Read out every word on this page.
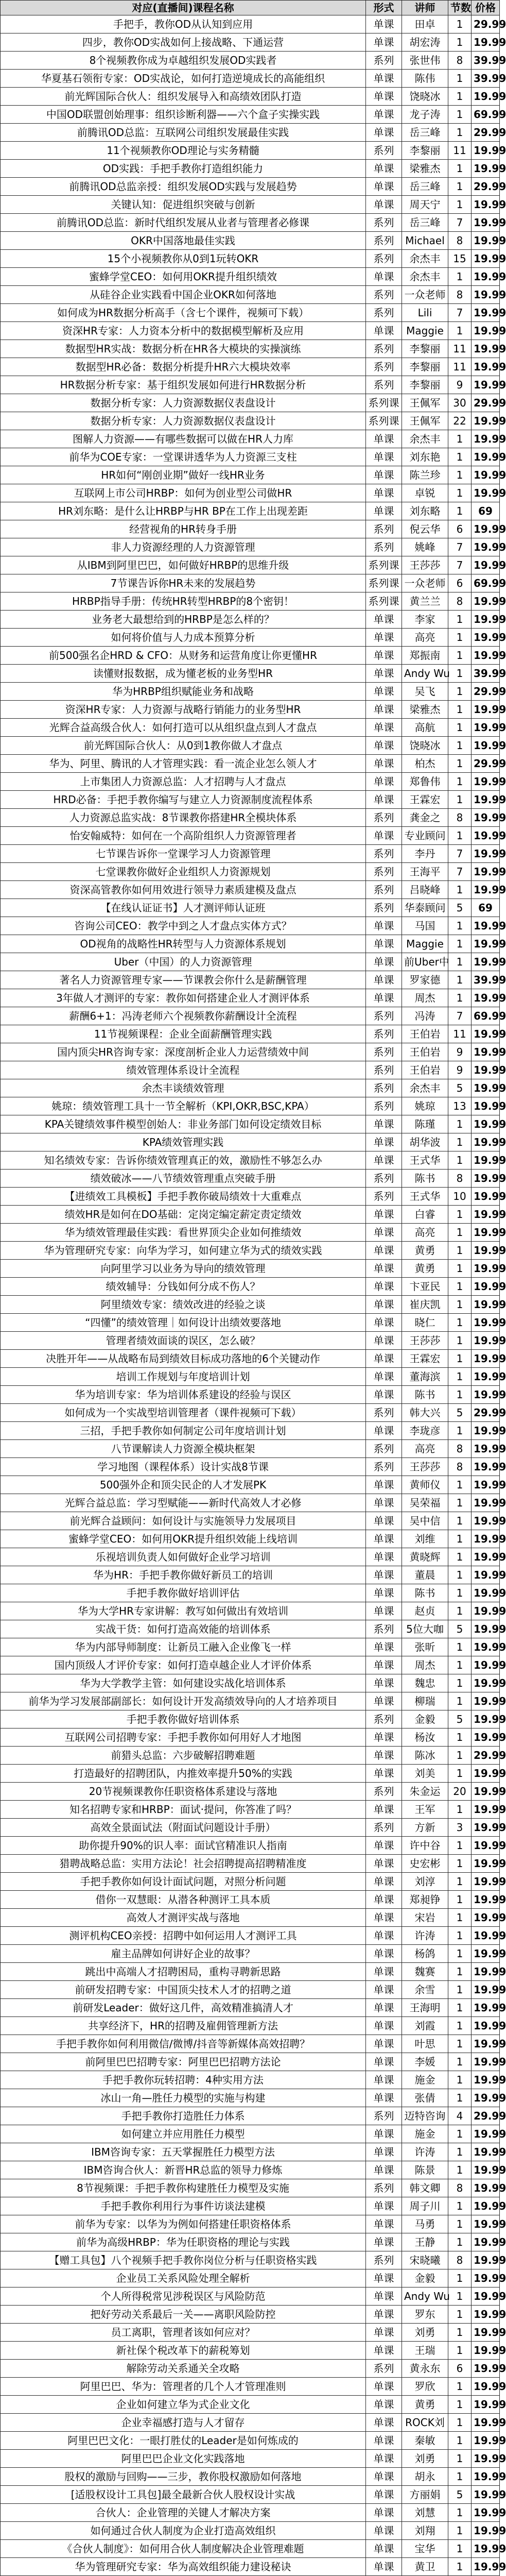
对应(直播间)课程名称	形式	讲师	节数	价格
手把手，教你OD从认知到应用	单课	田卓	1	29.99
四步，教你OD实战如何上接战略、下通运营	单课	胡宏涛	1	19.99
8个视频教你成为卓越组织发展OD实践者	系列	张世伟	8	39.99
华夏基石领衔专家：OD实战论，如何打造逆境成长的高能组织	单课	陈伟	1	39.99
前光辉国际合伙人：组织发展导入和高绩效团队打造	单课	饶晓冰	1	19.99
中国OD联盟创始理事：组织诊断利器——六个盒子实操实践	单课	龙子涛	1	69.99
前腾讯OD总监：互联网公司组织发展最佳实践	单课	岳三峰	1	29.99
11个视频教你OD理论与实务精髓	系列	李黎丽	11	19.99
OD实践：手把手教你打造组织能力	单课	梁雅杰	1	19.99
前腾讯OD总监亲授：组织发展OD实践与发展趋势	单课	岳三峰	1	29.99
关键认知：促进组织突破与创新	单课	周天宁	1	19.99
前腾讯OD总监：新时代组织发展从业者与管理者必修课	系列	岳三峰	7	19.99
OKR中国落地最佳实践	系列	Michael	8	19.99
15个小视频教你从0到1玩转OKR	系列	余杰丰	15	19.99
蜜蜂学堂CEO：如何用OKR提升组织绩效	单课	余杰丰	1	19.99
从硅谷企业实践看中国企业OKR如何落地	系列	一众老师	8	19.99
如何成为HR数据分析高手（含七个课件，视频可下载）	系列	Lili	7	19.99
资深HR专家：人力资本分析中的数据模型解析及应用	单课	Maggie	1	19.99
数据型HR实战：数据分析在HR各大模块的实操演练	系列	李黎丽	11	19.99
数据型HR必备：数据分析提升HR六大模块效率	系列	李黎丽	11	19.99
HR数据分析专家：基于组织发展如何进行HR数据分析	系列	李黎丽	9	19.99
数据分析专家：人力资源数据仪表盘设计	系列课	王佩军	30	29.99
数据分析专家：人力资源数据仪表盘设计	系列课	王佩军	22	19.99
图解人力资源——有哪些数据可以做在HR人力库	单课	余杰丰	1	19.99
前华为COE专家：一堂课讲透华为人力资源三支柱	单课	刘东艳	1	19.99
HR如何“刚创业期”做好一线HR业务	单课	陈兰珍	1	19.99
互联网上市公司HRBP：如何为创业型公司做HR	单课	卓锐	1	19.99
HR刘东略：是什么让HRBP与HR BP在工作上出现差距	单课	刘东略	1	69
经营视角的HR转身手册	系列	倪云华	6	19.99
非人力资源经理的人力资源管理	系列	姚峰	7	19.99
从IBM到阿里巴巴，如何做好HRBP的思维升级	系列课	王莎莎	7	19.99
7节课告诉你HR未来的发展趋势	系列课	一众老师	6	69.99
HRBP指导手册：传统HR转型HRBP的8个密钥！	系列课	黄兰兰	8	19.99
业务老大最想给到的HRBP是怎么样的？	单课	李家	1	19.99
如何将价值与人力成本预算分析	单课	高亮	1	19.99
前500强名企HRD & CFO：从财务和运营角度让你更懂HR	单课	郑振南	1	19.99
读懂财报数据，成为懂老板的业务型HR	单课	Andy Wu	1	39.99
华为HRBP组织赋能业务和战略	单课	吴飞	1	29.99
资深HR专家：人力资源与战略行销能力的业务型HR	单课	梁雅杰	1	19.99
光辉合益高级合伙人：如何打造可以从组织盘点到人才盘点	单课	高航	1	19.99
前光辉国际合伙人：从0到1教你做人才盘点	单课	饶晓冰	1	19.99
华为、阿里、腾讯的人才管理实践：看一流企业怎么领人才	单课	柏杰	1	29.99
上市集团人力资源总监：人才招聘与人才盘点	单课	郑鲁伟	1	19.99
HRD必备：手把手教你编写与建立人力资源制度流程体系	单课	王霖宏	1	19.99
人力资源总监实战：8节课教你搭建HR全模块体系	系列	龚金之	8	19.99
怡安翰威特：如何在一个高阶组织人力资源管理者	单课	专业顾问	1	19.99
七节课告诉你一堂课学习人力资源管理	系列	李丹	7	19.99
七堂课教你做好企业组织人力资源规划	系列	王海平	7	19.99
资深高管教你如何用效进行领导力素质建模及盘点	系列	吕晓峰	1	19.99
【在线认证证书】人才测评师认证班	系列	华泰顾问	5	69
咨询公司CEO：教学中到之人才盘点实体方式？	单课	马国	1	19.99
OD视角的战略性HR转型与人力资源体系规划	单课	Maggie	1	19.99
Uber（中国）的人力资源管理	单课	前Uber中	1	19.99
著名人力资源管理专家——节课教会你什么是薪酬管理	单课	罗家德	1	39.99
3年做人才测评的专家：教你如何搭建企业人才测评体系	单课	周杰	1	19.99
薪酬6+1：冯涛老师六个视频教你薪酬设计全流程	系列	冯涛	7	69.99
11节视频课程：企业全面薪酬管理实践	系列	王伯岩	11	19.99
国内顶尖HR咨询专家：深度剖析企业人力运营绩效中间	系列	王伯岩	9	19.99
绩效管理体系设计全流程	系列	王伯岩	9	19.99
余杰丰谈绩效管理	系列	余杰丰	5	19.99
姚琼：绩效管理工具十一节全解析（KPI,OKR,BSC,KPA）	系列	姚琼	13	19.99
KPA关键绩效事件模型创始人：非业务部门如何设定绩效目标	单课	陈瑾	1	19.99
KPA绩效管理实践	单课	胡华波	1	19.99
知名绩效专家：告诉你绩效管理真正的效，激励性不够怎么办	单课	王式华	1	19.99
绩效破冰——八节绩效管理重点突破手册	系列	陈书	8	19.99
【进绩效工具模板】手把手教你破局绩效十大重难点	系列	王式华	10	19.99
绩效HR是如何在DO基础：定岗定编定薪定责定绩效	单课	白睿	1	19.99
华为绩效管理最佳实践：看世界顶尖企业如何推绩效	单课	高亮	1	19.99
华为管理研究专家：向华为学习，如何建立华为式的绩效实践	单课	黄勇	1	19.99
向阿里学习以业务为导向的绩效管理	单课	黄勇	1	19.99
绩效辅导：分钱如何分成不伤人？	单课	卞亚民	1	19.99
阿里绩效专家：绩效改进的经验之谈	单课	崔庆凯	1	19.99
“四懂”的绩效管理｜如何设计出绩效要落地	单课	晓仁	1	19.99
管理者绩效面谈的误区，怎么破？	单课	王莎莎	1	19.99
决胜开年——从战略布局到绩效目标成功落地的6个关键动作	单课	王霖宏	1	19.99
培训工作规划与年度培训计划	单课	董海滨	1	19.99
华为培训专家：华为培训体系建设的经验与误区	单课	陈书	1	19.99
如何成为一个实战型培训管理者（课件视频可下载）	系列	韩大兴	5	29.99
三招，手把手教你如何制定公司年度培训计划	单课	李珑彦	1	19.99
八节课解读人力资源全模块框架	系列	高亮	8	19.99
学习地图（课程体系）设计实战8节课	系列	王莎莎	8	19.99
500强外企和顶尖民企的人才发展PK	单课	黄师仪	1	19.99
光辉合益总监：学习型赋能——新时代高效人才必修	单课	吴荣福	1	19.99
前光辉合益顾问：如何设计与实施领导力发展项目	单课	吴中信	1	19.99
蜜蜂学堂CEO：如何用OKR提升组织效能上线培训	单课	刘维	1	19.99
乐视培训负责人如何做好企业学习培训	单课	黄晓辉	1	19.99
华为HR：手把手教你做好新员工的培训	单课	董晨	1	19.99
手把手教你做好培训评估	单课	陈书	1	19.99
华为大学HR专家讲解：教写如何做出有效培训	单课	赵贞	1	19.99
实战干货：如何打造高效能的培训体系	系列	5位大咖	5	19.99
华为内部导师制度：让新员工融入企业像飞一样	单课	张昕	1	19.99
国内顶级人才评价专家：如何打造卓越企业人才评价体系	单课	周杰	1	19.99
华为大学教学主管：如何建设实战化培训体系	单课	魏忠	1	19.99
前华为学习发展部副部长：如何设计开发高绩效导向的人才培养项目	单课	柳瑞	1	19.99
手把手教你做好培训体系	系列	金毅	5	19.99
互联网公司招聘专家：手把手教你如何用好人才地图	单课	杨汝	1	19.99
前猎头总监：六步破解招聘难题	单课	陈冰	1	29.99
打造最好的招聘团队，内推效率提升50%的实践	单课	刘美	1	19.99
20节视频课教你任职资格体系建设与落地	系列	朱金运	20	19.99
知名招聘专家和HRBP：面试·提问，你答准了吗？	单课	王军	1	19.99
高效全景面试法（附面试问题设计手册）	系列	方新	3	19.99
助你提升90%的识人率：面试官精准识人指南	单课	许中谷	1	19.99
猎聘战略总监：实用方法论！社会招聘提高招聘精准度	单课	史宏彬	1	19.99
手把手教你如何设计面试问题，对照分析问题	单课	刘淳	1	19.99
借你一双慧眼：从潜各种测评工具本质	单课	郑昶铮	1	19.99
高效人才测评实战与落地	单课	宋岩	1	19.99
测评机构CEO亲授：招聘中如何运用人才测评工具	单课	许涛	1	19.99
雇主品牌如何讲好企业的故事？	单课	杨鸽	1	19.99
跳出中高端人才招聘困局，重构寻聘新思路	单课	魏赛	1	19.99
前研发招聘专家：中国顶尖技术人才的招聘之道	单课	余雪	1	19.99
前研发Leader：做好这几件，高效精准搞清人才	单课	王海明	1	19.99
共享经济下，HR的招聘及雇佣管理新方法	单课	刘霞	1	19.99
手把手教你如何利用微信/微博/抖音等新媒体高效招聘？	单课	叶思	1	19.99
前阿里巴巴招聘专家：阿里巴巴招聘方法论	单课	李媛	1	19.99
手把手教你玩转招聘：4种实用方法	单课	施金	1	19.99
冰山一角—胜任力模型的实施与构建	单课	张倩	1	19.99
手把手教你打造胜任力体系	系列	迈特咨询	4	29.99
如何建立并应用胜任力模型	单课	施金	1	19.99
IBM咨询专家：五天掌握胜任力模型方法	单课	许涛	1	19.99
IBM咨询合伙人：新晋HR总监的领导力修炼	单课	陈景	1	19.99
8节视频课：手把手教你构建胜任力模型及实施	系列	韩文卿	8	19.99
手把手教你利用行为事件访谈法建模	单课	周子川	1	19.99
前华为专家：以华为为例如何搭建任职资格体系	单课	马勇	1	19.99
前华为高级HRBP：华为任职资格的理论与实践	单课	王静	1	19.99
【赠工具包】八个视频手把手教你岗位分析与任职资格实践	系列	宋晓曦	8	19.99
企业员工关系风险处理全解析	单课	金毅	1	19.99
个人所得税常见涉税误区与风险防范	单课	Andy Wu	1	19.99
把好劳动关系最后一关——离职风险防控	单课	罗东	1	19.99
员工离职，管理者该如何应对？	单课	刘勇	1	19.99
新社保个税改革下的薪税筹划	单课	王瑞	1	19.99
解除劳动关系通关全攻略	系列	黄永东	6	19.99
阿里巴巴、华为：管理者的几个人才管理准则	单课	罗欣	1	19.99
企业如何建立华为式企业文化	单课	黄勇	1	19.99
企业幸福感打造与人才留存	单课	ROCK刘	1	19.99
阿里巴巴文化：一眼打胜仗的Leader是如何炼成的	单课	秦敏	1	19.99
阿里巴巴企业文化实践落地	单课	刘勇	1	19.99
股权的激励与回购——三步，教你股权激励如何落地	单课	胡永	1	19.99
[适股权设计工具包]最全最新合伙人股权设计实战	单课	方丽娟	5	19.99
合伙人：企业管理的关键人才解决方案	单课	刘慧	1	19.99
如何通过合伙人制度为企业打造高效组织	单课	刘翔	1	19.99
《合伙人制度》：如何用合伙人制度解决企业管理难题	单课	宝华	1	19.99
华为管理研究专家：华为高效组织能力建设秘诀	单课	黄卫	1	19.99
